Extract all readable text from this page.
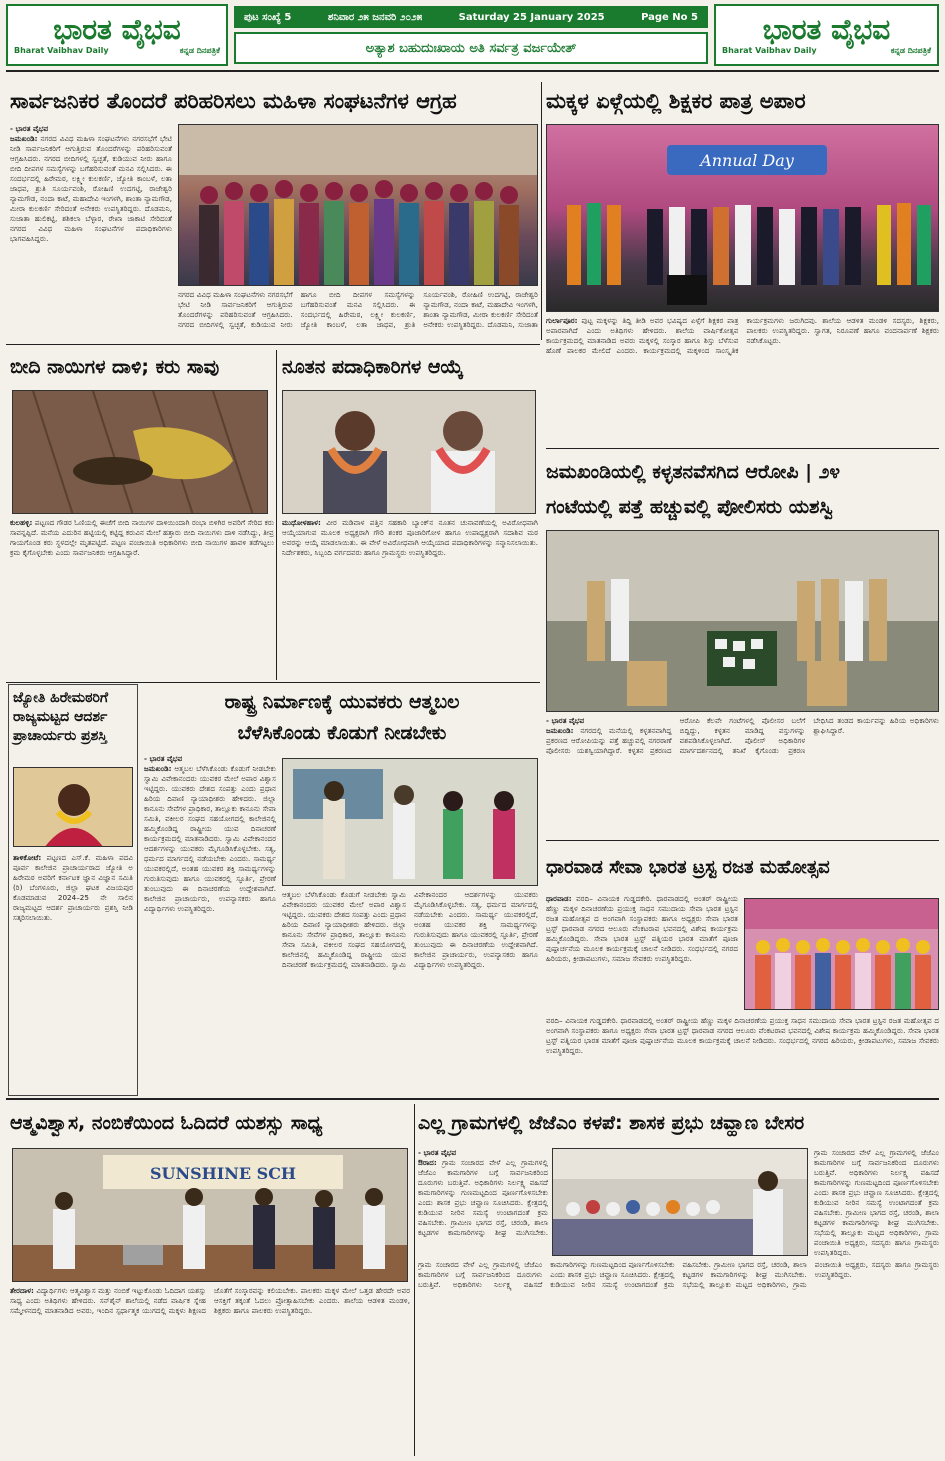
ಭಾರತ ವೈಭವ
Bharat Vaibhav Daily	ಕನ್ನಡ ದಿನಪತ್ರಿಕೆ
ಪುಟ ಸಂಖ್ಯೆ 5	ಶನಿವಾರ ೨೫ ಜನವರಿ ೨೦೨೫	Saturday 25 January 2025	Page No 5
ಅತ್ಯಾಶ ಬಹುದುಃಖಾಯ ಅತಿ ಸರ್ವತ್ರ ವರ್ಜಯೇತ್
ಭಾರತ ವೈಭವ
Bharat Vaibhav Daily	ಕನ್ನಡ ದಿನಪತ್ರಿಕೆ
ಸಾರ್ವಜನಿಕರ ತೊಂದರೆ ಪರಿಹರಿಸಲು ಮಹಿಳಾ ಸಂಘಟನೆಗಳ ಆಗ್ರಹ
- ಭಾರತ ವೈಭವ
ಜಮಖಂಡಿ: ನಗರದ ವಿವಿಧ ಮಹಿಳಾ ಸಂಘಟನೆಗಳು ನಗರಸಭೆಗೆ ಭೇಟಿ ನೀಡಿ ಸಾರ್ವಜನಿಕರಿಗೆ ಆಗುತ್ತಿರುವ ತೊಂದರೆಗಳನ್ನು ಪರಿಹರಿಸುವಂತೆ ಆಗ್ರಹಿಸಿದರು. ನಗರದ ಬೀದಿಗಳಲ್ಲಿ ಸ್ವಚ್ಛತೆ, ಕುಡಿಯುವ ನೀರು ಹಾಗೂ ಬೀದಿ ದೀಪಗಳ ಸಮಸ್ಯೆಗಳನ್ನು ಬಗೆಹರಿಸುವಂತೆ ಮನವಿ ಸಲ್ಲಿಸಿದರು. ಈ ಸಂದರ್ಭದಲ್ಲಿ ಹಿರೇಮಠ, ಲಕ್ಷ್ಮೀ ಕುಲಕರ್ಣಿ, ಜ್ಯೋತಿ ಕಾಂಬಳೆ, ಲತಾ ಜಾಧವ, ಶ್ರುತಿ ಸೂರ್ಯವಂಶಿ, ರೋಹಿಣಿ ಉದಗಟ್ಟಿ, ರಾಜೇಶ್ವರಿ ನ್ಯಾಮಗೌಡ, ನಂದಾ ಕಾಟೆ, ಮಹಾದೇವಿ ಇಂಗಳಗಿ, ಶಾಂತಾ ನ್ಯಾಮಗೌಡ, ಮೀರಾ ಕುಲಕರ್ಣಿ ಸೇರಿದಂತೆ ಅನೇಕರು ಉಪಸ್ಥಿತರಿದ್ದರು. ದೊಡಮನಿ, ಸುಜಾತಾ ಹುಲಿಕಟ್ಟಿ, ಶಶಿಕಲಾ ಬೆಳ್ಳಾರ, ರೇಖಾ ಜಾಕಾಟಿ ಸೇರಿದಂತೆ ನಗರದ ವಿವಿಧ ಮಹಿಳಾ ಸಂಘಟನೆಗಳ ಪದಾಧಿಕಾರಿಗಳು ಭಾಗವಹಿಸಿದ್ದರು.
ನಗರದ ವಿವಿಧ ಮಹಿಳಾ ಸಂಘಟನೆಗಳು ನಗರಸಭೆಗೆ ಭೇಟಿ ನೀಡಿ ಸಾರ್ವಜನಿಕರಿಗೆ ಆಗುತ್ತಿರುವ ತೊಂದರೆಗಳನ್ನು ಪರಿಹರಿಸುವಂತೆ ಆಗ್ರಹಿಸಿದರು. ನಗರದ ಬೀದಿಗಳಲ್ಲಿ ಸ್ವಚ್ಛತೆ, ಕುಡಿಯುವ ನೀರು ಹಾಗೂ ಬೀದಿ ದೀಪಗಳ ಸಮಸ್ಯೆಗಳನ್ನು ಬಗೆಹರಿಸುವಂತೆ ಮನವಿ ಸಲ್ಲಿಸಿದರು. ಈ ಸಂದರ್ಭದಲ್ಲಿ ಹಿರೇಮಠ, ಲಕ್ಷ್ಮೀ ಕುಲಕರ್ಣಿ, ಜ್ಯೋತಿ ಕಾಂಬಳೆ, ಲತಾ ಜಾಧವ, ಶ್ರುತಿ ಸೂರ್ಯವಂಶಿ, ರೋಹಿಣಿ ಉದಗಟ್ಟಿ, ರಾಜೇಶ್ವರಿ ನ್ಯಾಮಗೌಡ, ನಂದಾ ಕಾಟೆ, ಮಹಾದೇವಿ ಇಂಗಳಗಿ, ಶಾಂತಾ ನ್ಯಾಮಗೌಡ, ಮೀರಾ ಕುಲಕರ್ಣಿ ಸೇರಿದಂತೆ ಅನೇಕರು ಉಪಸ್ಥಿತರಿದ್ದರು. ದೊಡಮನಿ, ಸುಜಾತಾ
ಮಕ್ಕಳ ಏಳ್ಗೆಯಲ್ಲಿ ಶಿಕ್ಷಕರ ಪಾತ್ರ ಅಪಾರ
Annual Day
ಗುರ್ಲಾಪೂರ: ಪುಟ್ಟ ಮಕ್ಕಳನ್ನು ತಿದ್ದಿ ತೀಡಿ ಅವರ ಭವಿಷ್ಯದ ಏಳ್ಗೆಗೆ ಶಿಕ್ಷಕರ ಪಾತ್ರ ಅಪಾರವಾಗಿದೆ ಎಂದು ಅತಿಥಿಗಳು ಹೇಳಿದರು. ಶಾಲೆಯ ವಾರ್ಷಿಕೋತ್ಸವ ಕಾರ್ಯಕ್ರಮದಲ್ಲಿ ಮಾತನಾಡಿದ ಅವರು ಮಕ್ಕಳಲ್ಲಿ ಸಂಸ್ಕಾರ ಹಾಗೂ ಶಿಸ್ತು ಬೆಳೆಸುವ ಹೊಣೆ ಪಾಲಕರ ಮೇಲಿದೆ ಎಂದರು. ಕಾರ್ಯಕ್ರಮದಲ್ಲಿ ಮಕ್ಕಳಿಂದ ಸಾಂಸ್ಕೃತಿಕ ಕಾರ್ಯಕ್ರಮಗಳು ಜರುಗಿದವು. ಶಾಲೆಯ ಆಡಳಿತ ಮಂಡಳಿ ಸದಸ್ಯರು, ಶಿಕ್ಷಕರು, ಪಾಲಕರು ಉಪಸ್ಥಿತರಿದ್ದರು. ಸ್ವಾಗತ, ನಿರೂಪಣೆ ಹಾಗೂ ವಂದನಾರ್ಪಣೆ ಶಿಕ್ಷಕರು ನಡೆಸಿಕೊಟ್ಟರು.
ಬೀದಿ ನಾಯಿಗಳ ದಾಳಿ; ಕರು ಸಾವು
ಕುಲಹಳ್ಳಿ: ಪಟ್ಟಣದ ಗೌಡರ ಓಣಿಯಲ್ಲಿ ಈಚೆಗೆ ಬೀದಿ ನಾಯಿಗಳ ದಾಳಿಯಿಂದಾಗಿ ರಂಭಾ ಬಿಳಿಗಿರ ಅವರಿಗೆ ಸೇರಿದ ಕರು ಸಾವನ್ನಪ್ಪಿದೆ. ಮನೆಯ ಎದುರಿನ ಹಟ್ಟಿಯಲ್ಲಿ ಕಟ್ಟಿದ್ದ ಕರುವಿನ ಮೇಲೆ ಹತ್ತಾರು ಬೀದಿ ನಾಯಿಗಳು ದಾಳಿ ನಡೆಸಿದ್ದು, ತೀವ್ರ ಗಾಯಗೊಂಡ ಕರು ಸ್ಥಳದಲ್ಲೇ ಮೃತಪಟ್ಟಿದೆ. ಪಟ್ಟಣ ಪಂಚಾಯಿತಿ ಅಧಿಕಾರಿಗಳು ಬೀದಿ ನಾಯಿಗಳ ಹಾವಳಿ ತಡೆಗಟ್ಟಲು ಕ್ರಮ ಕೈಗೊಳ್ಳಬೇಕು ಎಂದು ಸಾರ್ವಜನಿಕರು ಆಗ್ರಹಿಸಿದ್ದಾರೆ.
ನೂತನ ಪದಾಧಿಕಾರಿಗಳ ಆಯ್ಕೆ
ಮುಧೋಳಹಾಳ: ವೀರ ಮಡಿವಾಳ ಪತ್ತಿನ ಸಹಕಾರಿ ಬ್ಯಾಂಕ್‌ನ ನೂತನ ಚುನಾವಣೆಯಲ್ಲಿ ಅವಿರೋಧವಾಗಿ ಆಯ್ಕೆಯಾಗುವ ಮೂಲಕ ಅಧ್ಯಕ್ಷರಾಗಿ ಗೌರಿ ಶಂಕರ ಪೂಜಾರಿಗೋಳ ಹಾಗೂ ಉಪಾಧ್ಯಕ್ಷರಾಗಿ ಸದಾಶಿವ ಮಠ ಅವರನ್ನು ಆಯ್ಕೆ ಮಾಡಲಾಯಿತು. ಈ ವೇಳೆ ಅವಿರೋಧವಾಗಿ ಆಯ್ಕೆಯಾದ ಪದಾಧಿಕಾರಿಗಳನ್ನು ಸನ್ಮಾನಿಸಲಾಯಿತು. ನಿರ್ದೇಶಕರು, ಸಿಬ್ಬಂದಿ ವರ್ಗದವರು ಹಾಗೂ ಗ್ರಾಮಸ್ಥರು ಉಪಸ್ಥಿತರಿದ್ದರು.
ಜಮಖಂಡಿಯಲ್ಲಿ ಕಳ್ಳತನವೆಸಗಿದ ಆರೋಪಿ | ೨೪
ಗಂಟೆಯಲ್ಲಿ ಪತ್ತೆ ಹಚ್ಚುವಲ್ಲಿ ಪೋಲಿಸರು ಯಶಸ್ವಿ
- ಭಾರತ ವೈಭವ
ಜಮಖಂಡಿ: ನಗರದಲ್ಲಿ ಮನೆಯಲ್ಲಿ ಕಳ್ಳತನವಾಗಿದ್ದ ಪ್ರಕರಣದ ಆರೋಪಿಯನ್ನು ಪತ್ತೆ ಹಚ್ಚುವಲ್ಲಿ ನಗರಠಾಣೆ ಪೊಲೀಸರು ಯಶಸ್ವಿಯಾಗಿದ್ದಾರೆ. ಕಳ್ಳತನ ಪ್ರಕರಣದ ಆರೋಪಿ ಕೆಲವೇ ಗಂಟೆಗಳಲ್ಲಿ ಪೊಲೀಸರ ಬಲೆಗೆ ಬಿದ್ದಿದ್ದು, ಕಳ್ಳತನ ಮಾಡಿದ್ದ ವಸ್ತುಗಳನ್ನು ವಶಪಡಿಸಿಕೊಳ್ಳಲಾಗಿದೆ. ಪೊಲೀಸ್ ಅಧಿಕಾರಿಗಳ ಮಾರ್ಗದರ್ಶನದಲ್ಲಿ ತನಿಖೆ ಕೈಗೊಂಡು ಪ್ರಕರಣ ಬೇಧಿಸಿದ ತಂಡದ ಕಾರ್ಯವನ್ನು ಹಿರಿಯ ಅಧಿಕಾರಿಗಳು ಶ್ಲಾಘಿಸಿದ್ದಾರೆ.
ಜ್ಯೋತಿ ಹಿರೇಮಠರಿಗೆ ರಾಜ್ಯಮಟ್ಟದ ಆದರ್ಶ ಪ್ರಾಚಾರ್ಯರು ಪ್ರಶಸ್ತಿ
ತಾಳಿಕೋಟೆ: ಪಟ್ಟಣದ ಎಸ್.ಕೆ. ಮಹಿಳಾ ಪದವಿ ಪೂರ್ವ ಕಾಲೇಜಿನ ಪ್ರಾಚಾರ್ಯರಾದ ಜ್ಯೋತಿ ಅ ಹಿರೇಮಠ ಅವರಿಗೆ ಕರ್ನಾಟಕ ಜ್ಞಾನ ವಿಜ್ಞಾನ ಸಮಿತಿ (ರಿ) ಬೆಂಗಳೂರು, ಜಿಲ್ಲಾ ಘಟಕ ವಿಜಯಪುರ ಕೊಡಮಾಡುವ 2024–25 ನೇ ಸಾಲಿನ ರಾಜ್ಯಮಟ್ಟದ ಆದರ್ಶ ಪ್ರಾಚಾರ್ಯರು ಪ್ರಶಸ್ತಿ ನೀಡಿ ಸತ್ಕರಿಸಲಾಯಿತು.
ರಾಷ್ಟ್ರ ನಿರ್ಮಾಣಕ್ಕೆ ಯುವಕರು ಆತ್ಮಬಲ
ಬೆಳೆಸಿಕೊಂಡು ಕೊಡುಗೆ ನೀಡಬೇಕು
- ಭಾರತ ವೈಭವ
ಜಮಖಂಡಿ: ಆತ್ಮಬಲ ಬೆಳೆಸಿಕೊಂಡು ಕೊಡುಗೆ ನೀಡಬೇಕು ಸ್ವಾಮಿ ವಿವೇಕಾನಂದರು ಯುವಕರ ಮೇಲೆ ಅಪಾರ ವಿಶ್ವಾಸ ಇಟ್ಟಿದ್ದರು. ಯುವಕರು ದೇಶದ ಸಂಪತ್ತು ಎಂದು ಪ್ರಧಾನ ಹಿರಿಯ ದಿವಾಣಿ ನ್ಯಾಯಾಧೀಶರು ಹೇಳಿದರು. ಜಿಲ್ಲಾ ಕಾನೂನು ಸೇವೆಗಳ ಪ್ರಾಧಿಕಾರ, ತಾಲ್ಲೂಕು ಕಾನೂನು ಸೇವಾ ಸಮಿತಿ, ವಕೀಲರ ಸಂಘದ ಸಹಯೋಗದಲ್ಲಿ ಕಾಲೇಜಿನಲ್ಲಿ ಹಮ್ಮಿಕೊಂಡಿದ್ದ ರಾಷ್ಟ್ರೀಯ ಯುವ ದಿನಾಚರಣೆ ಕಾರ್ಯಕ್ರಮದಲ್ಲಿ ಮಾತನಾಡಿದರು. ಸ್ವಾಮಿ ವಿವೇಕಾನಂದರ ಆದರ್ಶಗಳನ್ನು ಯುವಕರು ಮೈಗೂಡಿಸಿಕೊಳ್ಳಬೇಕು. ಸತ್ಯ, ಧರ್ಮದ ಮಾರ್ಗದಲ್ಲಿ ನಡೆಯಬೇಕು ಎಂದರು. ಸಾಮರ್ಥ್ಯ ಯುವಕರಲ್ಲಿದೆ, ಅಂತಹ ಯುವಕರ ಶಕ್ತಿ ಸಾಮರ್ಥ್ಯಗಳನ್ನು ಗುರುತಿಸುವುದು ಹಾಗೂ ಯುವಕರಲ್ಲಿ ಸ್ಫೂರ್ತಿ, ಪ್ರೇರಣೆ ತುಂಬುವುದು ಈ ದಿನಾಚರಣೆಯ ಉದ್ದೇಶವಾಗಿದೆ. ಕಾಲೇಜಿನ ಪ್ರಾಚಾರ್ಯರು, ಉಪನ್ಯಾಸಕರು ಹಾಗೂ ವಿದ್ಯಾರ್ಥಿಗಳು ಉಪಸ್ಥಿತರಿದ್ದರು.
ಆತ್ಮಬಲ ಬೆಳೆಸಿಕೊಂಡು ಕೊಡುಗೆ ನೀಡಬೇಕು ಸ್ವಾಮಿ ವಿವೇಕಾನಂದರು ಯುವಕರ ಮೇಲೆ ಅಪಾರ ವಿಶ್ವಾಸ ಇಟ್ಟಿದ್ದರು. ಯುವಕರು ದೇಶದ ಸಂಪತ್ತು ಎಂದು ಪ್ರಧಾನ ಹಿರಿಯ ದಿವಾಣಿ ನ್ಯಾಯಾಧೀಶರು ಹೇಳಿದರು. ಜಿಲ್ಲಾ ಕಾನೂನು ಸೇವೆಗಳ ಪ್ರಾಧಿಕಾರ, ತಾಲ್ಲೂಕು ಕಾನೂನು ಸೇವಾ ಸಮಿತಿ, ವಕೀಲರ ಸಂಘದ ಸಹಯೋಗದಲ್ಲಿ ಕಾಲೇಜಿನಲ್ಲಿ ಹಮ್ಮಿಕೊಂಡಿದ್ದ ರಾಷ್ಟ್ರೀಯ ಯುವ ದಿನಾಚರಣೆ ಕಾರ್ಯಕ್ರಮದಲ್ಲಿ ಮಾತನಾಡಿದರು. ಸ್ವಾಮಿ ವಿವೇಕಾನಂದರ ಆದರ್ಶಗಳನ್ನು ಯುವಕರು ಮೈಗೂಡಿಸಿಕೊಳ್ಳಬೇಕು. ಸತ್ಯ, ಧರ್ಮದ ಮಾರ್ಗದಲ್ಲಿ ನಡೆಯಬೇಕು ಎಂದರು. ಸಾಮರ್ಥ್ಯ ಯುವಕರಲ್ಲಿದೆ, ಅಂತಹ ಯುವಕರ ಶಕ್ತಿ ಸಾಮರ್ಥ್ಯಗಳನ್ನು ಗುರುತಿಸುವುದು ಹಾಗೂ ಯುವಕರಲ್ಲಿ ಸ್ಫೂರ್ತಿ, ಪ್ರೇರಣೆ ತುಂಬುವುದು ಈ ದಿನಾಚರಣೆಯ ಉದ್ದೇಶವಾಗಿದೆ. ಕಾಲೇಜಿನ ಪ್ರಾಚಾರ್ಯರು, ಉಪನ್ಯಾಸಕರು ಹಾಗೂ ವಿದ್ಯಾರ್ಥಿಗಳು ಉಪಸ್ಥಿತರಿದ್ದರು.
ಧಾರವಾಡ ಸೇವಾ ಭಾರತ ಟ್ರಸ್ಟ ರಜತ ಮಹೋತ್ಸವ
ಧಾರವಾಡ: ವರದಿ– ವಿನಾಯಕ ಗುಡ್ಡದಕೇರಿ. ಧಾರವಾಡದಲ್ಲಿ ಅಂತರ್ ರಾಷ್ಟ್ರೀಯ ಹೆಣ್ಣು ಮಕ್ಕಳ ದಿನಾಚರಣೆಯ ಪ್ರಯುಕ್ತ ಸಾಧನ ಸಮುದಾಯ ಸೇವಾ ಭಾರತ ಟ್ರಸ್ಟಿನ ರಜತ ಮಹೋತ್ಸವ ದ ಅಂಗವಾಗಿ ಸಂಸ್ಥಾಪಕರು ಹಾಗೂ ಅಧ್ಯಕ್ಷರು ಸೇವಾ ಭಾರತ ಟ್ರಸ್ಟ್ ಧಾರವಾಡ ನಗರದ ಆಲೂರು ವೆಂಕಟರಾವ ಭವನದಲ್ಲಿ ವಿಶೇಷ ಕಾರ್ಯಕ್ರಮ ಹಮ್ಮಿಕೊಂಡಿದ್ದರು. ಸೇವಾ ಭಾರತ ಟ್ರಸ್ಟ್ ಪತ್ನಿಯರ ಭಾರತ ಮಾತೆಗೆ ಪೂಜಾ ಪುಷ್ಪಾರ್ಚನೆಯ ಮೂಲಕ ಕಾರ್ಯಕ್ರಮಕ್ಕೆ ಚಾಲನೆ ನೀಡಿದರು. ಸಂಧರ್ಭದಲ್ಲಿ ನಗರದ ಹಿರಿಯರು, ಕ್ರೀಡಾಪಟುಗಳು, ಸಮಾಜ ಸೇವಕರು ಉಪಸ್ಥಿತರಿದ್ದರು.
ವರದಿ– ವಿನಾಯಕ ಗುಡ್ಡದಕೇರಿ. ಧಾರವಾಡದಲ್ಲಿ ಅಂತರ್ ರಾಷ್ಟ್ರೀಯ ಹೆಣ್ಣು ಮಕ್ಕಳ ದಿನಾಚರಣೆಯ ಪ್ರಯುಕ್ತ ಸಾಧನ ಸಮುದಾಯ ಸೇವಾ ಭಾರತ ಟ್ರಸ್ಟಿನ ರಜತ ಮಹೋತ್ಸವ ದ ಅಂಗವಾಗಿ ಸಂಸ್ಥಾಪಕರು ಹಾಗೂ ಅಧ್ಯಕ್ಷರು ಸೇವಾ ಭಾರತ ಟ್ರಸ್ಟ್ ಧಾರವಾಡ ನಗರದ ಆಲೂರು ವೆಂಕಟರಾವ ಭವನದಲ್ಲಿ ವಿಶೇಷ ಕಾರ್ಯಕ್ರಮ ಹಮ್ಮಿಕೊಂಡಿದ್ದರು. ಸೇವಾ ಭಾರತ ಟ್ರಸ್ಟ್ ಪತ್ನಿಯರ ಭಾರತ ಮಾತೆಗೆ ಪೂಜಾ ಪುಷ್ಪಾರ್ಚನೆಯ ಮೂಲಕ ಕಾರ್ಯಕ್ರಮಕ್ಕೆ ಚಾಲನೆ ನೀಡಿದರು. ಸಂಧರ್ಭದಲ್ಲಿ ನಗರದ ಹಿರಿಯರು, ಕ್ರೀಡಾಪಟುಗಳು, ಸಮಾಜ ಸೇವಕರು ಉಪಸ್ಥಿತರಿದ್ದರು.
ಆತ್ಮವಿಶ್ವಾಸ, ನಂಬಿಕೆಯಿಂದ ಓದಿದರೆ ಯಶಸ್ಸು ಸಾಧ್ಯ
SUNSHINE SCH
ತೇರದಾಳ: ವಿದ್ಯಾರ್ಥಿಗಳು ಆತ್ಮವಿಶ್ವಾಸ ಮತ್ತು ನಂಬಿಕೆ ಇಟ್ಟುಕೊಂಡು ಓದಿದಾಗ ಯಶಸ್ಸು ಸಾಧ್ಯ ಎಂದು ಅತಿಥಿಗಳು ಹೇಳಿದರು. ಸನ್‌ಶೈನ್ ಶಾಲೆಯಲ್ಲಿ ನಡೆದ ವಾರ್ಷಿಕ ಸ್ನೇಹ ಸಮ್ಮೇಳನದಲ್ಲಿ ಮಾತನಾಡಿದ ಅವರು, ಇಂದಿನ ಸ್ಪರ್ಧಾತ್ಮಕ ಯುಗದಲ್ಲಿ ಮಕ್ಕಳು ಶಿಕ್ಷಣದ ಜೊತೆಗೆ ಸಂಸ್ಕಾರವನ್ನು ಕಲಿಯಬೇಕು. ಪಾಲಕರು ಮಕ್ಕಳ ಮೇಲೆ ಒತ್ತಡ ಹೇರದೇ ಅವರ ಆಸಕ್ತಿಗೆ ತಕ್ಕಂತೆ ಓದಲು ಪ್ರೋತ್ಸಾಹಿಸಬೇಕು ಎಂದರು. ಶಾಲೆಯ ಆಡಳಿತ ಮಂಡಳಿ, ಶಿಕ್ಷಕರು ಹಾಗೂ ಪಾಲಕರು ಉಪಸ್ಥಿತರಿದ್ದರು.
ಎಲ್ಲ ಗ್ರಾಮಗಳಲ್ಲಿ ಜೆಜೆಎಂ ಕಳಪೆ: ಶಾಸಕ ಪ್ರಭು ಚವ್ಹಾಣ ಬೇಸರ
- ಭಾರತ ವೈಭವ
ಔರಾದ: ಗ್ರಾಮ ಸಂಚಾರದ ವೇಳೆ ಎಲ್ಲ ಗ್ರಾಮಗಳಲ್ಲಿ ಜೆಜೆಎಂ ಕಾಮಗಾರಿಗಳ ಬಗ್ಗೆ ಸಾರ್ವಜನಿಕರಿಂದ ದೂರುಗಳು ಬರುತ್ತಿವೆ. ಅಧಿಕಾರಿಗಳು ನಿರ್ಲಕ್ಷ್ಯ ವಹಿಸದೆ ಕಾಮಗಾರಿಗಳನ್ನು ಗುಣಮಟ್ಟದಿಂದ ಪೂರ್ಣಗೊಳಿಸಬೇಕು ಎಂದು ಶಾಸಕ ಪ್ರಭು ಚವ್ಹಾಣ ಸೂಚಿಸಿದರು. ಕ್ಷೇತ್ರದಲ್ಲಿ ಕುಡಿಯುವ ನೀರಿನ ಸಮಸ್ಯೆ ಉಂಟಾಗದಂತೆ ಕ್ರಮ ವಹಿಸಬೇಕು. ಗ್ರಾಮೀಣ ಭಾಗದ ರಸ್ತೆ, ಚರಂಡಿ, ಶಾಲಾ ಕಟ್ಟಡಗಳ ಕಾಮಗಾರಿಗಳನ್ನು ಶೀಘ್ರ ಮುಗಿಸಬೇಕು.
ಗ್ರಾಮ ಸಂಚಾರದ ವೇಳೆ ಎಲ್ಲ ಗ್ರಾಮಗಳಲ್ಲಿ ಜೆಜೆಎಂ ಕಾಮಗಾರಿಗಳ ಬಗ್ಗೆ ಸಾರ್ವಜನಿಕರಿಂದ ದೂರುಗಳು ಬರುತ್ತಿವೆ. ಅಧಿಕಾರಿಗಳು ನಿರ್ಲಕ್ಷ್ಯ ವಹಿಸದೆ ಕಾಮಗಾರಿಗಳನ್ನು ಗುಣಮಟ್ಟದಿಂದ ಪೂರ್ಣಗೊಳಿಸಬೇಕು ಎಂದು ಶಾಸಕ ಪ್ರಭು ಚವ್ಹಾಣ ಸೂಚಿಸಿದರು. ಕ್ಷೇತ್ರದಲ್ಲಿ ಕುಡಿಯುವ ನೀರಿನ ಸಮಸ್ಯೆ ಉಂಟಾಗದಂತೆ ಕ್ರಮ ವಹಿಸಬೇಕು. ಗ್ರಾಮೀಣ ಭಾಗದ ರಸ್ತೆ, ಚರಂಡಿ, ಶಾಲಾ ಕಟ್ಟಡಗಳ ಕಾಮಗಾರಿಗಳನ್ನು ಶೀಘ್ರ ಮುಗಿಸಬೇಕು. ಸಭೆಯಲ್ಲಿ ತಾಲ್ಲೂಕು ಮಟ್ಟದ ಅಧಿಕಾರಿಗಳು, ಗ್ರಾಮ ಪಂಚಾಯಿತಿ ಅಧ್ಯಕ್ಷರು, ಸದಸ್ಯರು ಹಾಗೂ ಗ್ರಾಮಸ್ಥರು ಉಪಸ್ಥಿತರಿದ್ದರು.
ಗ್ರಾಮ ಸಂಚಾರದ ವೇಳೆ ಎಲ್ಲ ಗ್ರಾಮಗಳಲ್ಲಿ ಜೆಜೆಎಂ ಕಾಮಗಾರಿಗಳ ಬಗ್ಗೆ ಸಾರ್ವಜನಿಕರಿಂದ ದೂರುಗಳು ಬರುತ್ತಿವೆ. ಅಧಿಕಾರಿಗಳು ನಿರ್ಲಕ್ಷ್ಯ ವಹಿಸದೆ ಕಾಮಗಾರಿಗಳನ್ನು ಗುಣಮಟ್ಟದಿಂದ ಪೂರ್ಣಗೊಳಿಸಬೇಕು ಎಂದು ಶಾಸಕ ಪ್ರಭು ಚವ್ಹಾಣ ಸೂಚಿಸಿದರು. ಕ್ಷೇತ್ರದಲ್ಲಿ ಕುಡಿಯುವ ನೀರಿನ ಸಮಸ್ಯೆ ಉಂಟಾಗದಂತೆ ಕ್ರಮ ವಹಿಸಬೇಕು. ಗ್ರಾಮೀಣ ಭಾಗದ ರಸ್ತೆ, ಚರಂಡಿ, ಶಾಲಾ ಕಟ್ಟಡಗಳ ಕಾಮಗಾರಿಗಳನ್ನು ಶೀಘ್ರ ಮುಗಿಸಬೇಕು. ಸಭೆಯಲ್ಲಿ ತಾಲ್ಲೂಕು ಮಟ್ಟದ ಅಧಿಕಾರಿಗಳು, ಗ್ರಾಮ ಪಂಚಾಯಿತಿ ಅಧ್ಯಕ್ಷರು, ಸದಸ್ಯರು ಹಾಗೂ ಗ್ರಾಮಸ್ಥರು ಉಪಸ್ಥಿತರಿದ್ದರು.
